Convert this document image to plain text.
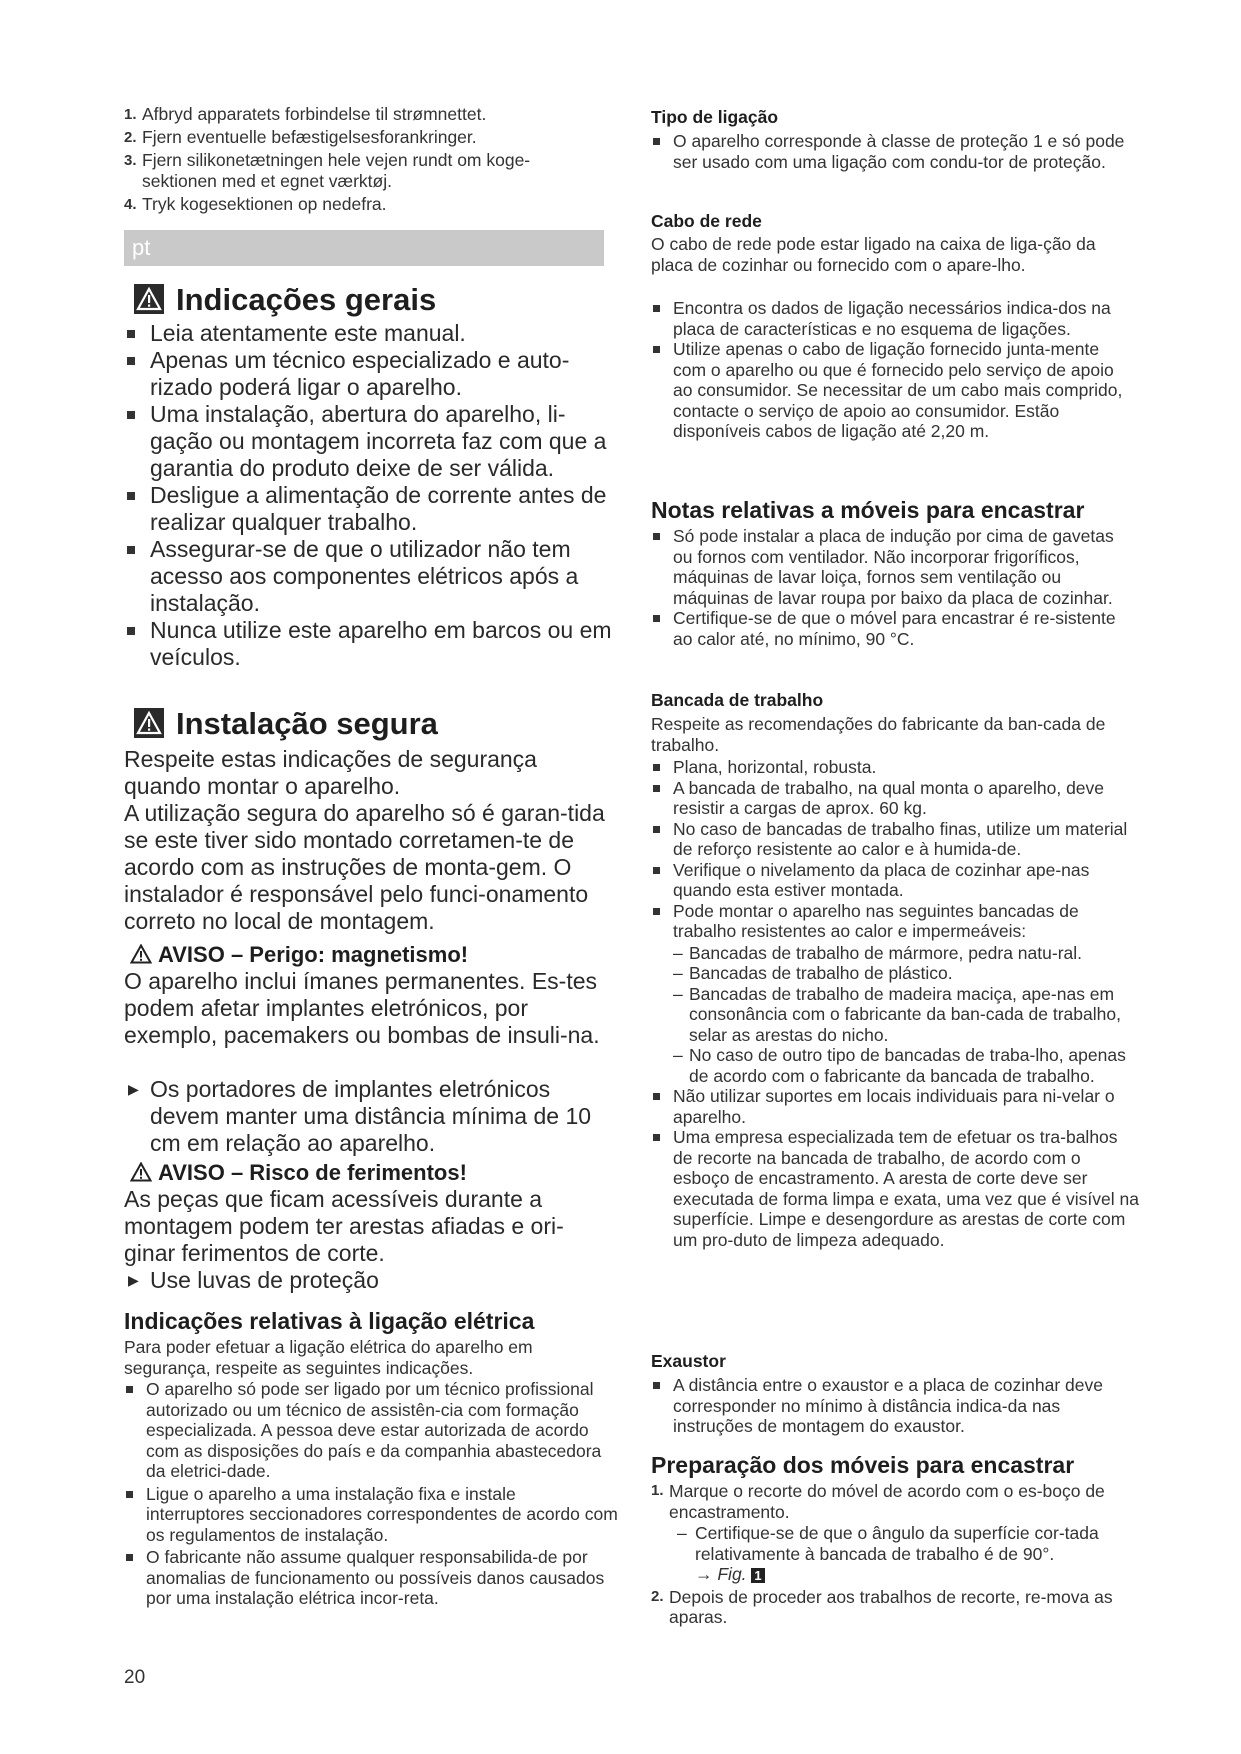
1. Afbryd apparatets forbindelse til strømnettet.
2. Fjern eventuelle befæstigelsesforankringer.
3. Fjern silikonetætningen hele vejen rundt om koge-sektionen med et egnet værktøj.
4. Tryk kogesektionen op nedefra.
pt
Indicações gerais
Leia atentamente este manual.
Apenas um técnico especializado e auto-rizado poderá ligar o aparelho.
Uma instalação, abertura do aparelho, li-gação ou montagem incorreta faz com que a garantia do produto deixe de ser válida.
Desligue a alimentação de corrente antes de realizar qualquer trabalho.
Assegurar-se de que o utilizador não tem acesso aos componentes elétricos após a instalação.
Nunca utilize este aparelho em barcos ou em veículos.
Instalação segura

Respeite estas indicações de segurança quando montar o aparelho.

A utilização segura do aparelho só é garan-tida se este tiver sido montado corretamen-te de acordo com as instruções de monta-gem. O instalador é responsável pelo funci-onamento correto no local de montagem.

AVISO – Perigo: magnetismo!

O aparelho inclui ímanes permanentes. Es-tes podem afetar implantes eletrónicos, por exemplo, pacemakers ou bombas de insuli-na.

▶ Os portadores de implantes eletrónicos devem manter uma distância mínima de 10 cm em relação ao aparelho.
AVISO – Risco de ferimentos!

As peças que ficam acessíveis durante a montagem podem ter arestas afiadas e ori-ginar ferimentos de corte.

▶ Use luvas de proteção
Indicações relativas à ligação elétrica

Para poder efetuar a ligação elétrica do aparelho em segurança, respeite as seguintes indicações.

O aparelho só pode ser ligado por um técnico profissional autorizado ou um técnico de assistên-cia com formação especializada. A pessoa deve estar autorizada de acordo com as disposições do país e da companhia abastecedora da eletrici-dade.
Ligue o aparelho a uma instalação fixa e instale interruptores seccionadores correspondentes de acordo com os regulamentos de instalação.
O fabricante não assume qualquer responsabilida-de por anomalias de funcionamento ou possíveis danos causados por uma instalação elétrica incor-reta.
20
Tipo de ligação
O aparelho corresponde à classe de proteção 1 e só pode ser usado com uma ligação com condu-tor de proteção.
Cabo de rede

O cabo de rede pode estar ligado na caixa de liga-ção da placa de cozinhar ou fornecido com o apare-lho.

Encontra os dados de ligação necessários indica-dos na placa de características e no esquema de ligações.
Utilize apenas o cabo de ligação fornecido junta-mente com o aparelho ou que é fornecido pelo serviço de apoio ao consumidor. Se necessitar de um cabo mais comprido, contacte o serviço de apoio ao consumidor. Estão disponíveis cabos de ligação até 2,20 m.
Notas relativas a móveis para encastrar
Só pode instalar a placa de indução por cima de gavetas ou fornos com ventilador. Não incorporar frigoríficos, máquinas de lavar loiça, fornos sem ventilação ou máquinas de lavar roupa por baixo da placa de cozinhar.
Certifique-se de que o móvel para encastrar é re-sistente ao calor até, no mínimo, 90 °C.
Bancada de trabalho

Respeite as recomendações do fabricante da ban-cada de trabalho.

Plana, horizontal, robusta.
A bancada de trabalho, na qual monta o aparelho, deve resistir a cargas de aprox. 60 kg.
No caso de bancadas de trabalho finas, utilize um material de reforço resistente ao calor e à humida-de.
Verifique o nivelamento da placa de cozinhar ape-nas quando esta estiver montada.
Pode montar o aparelho nas seguintes bancadas de trabalho resistentes ao calor e impermeáveis:
– Bancadas de trabalho de mármore, pedra natu-ral.
– Bancadas de trabalho de plástico.
– Bancadas de trabalho de madeira maciça, ape-nas em consonância com o fabricante da ban-cada de trabalho, selar as arestas do nicho.
– No caso de outro tipo de bancadas de traba-lho, apenas de acordo com o fabricante da bancada de trabalho.
Não utilizar suportes em locais individuais para ni-velar o aparelho.
Uma empresa especializada tem de efetuar os tra-balhos de recorte na bancada de trabalho, de acordo com o esboço de encastramento. A aresta de corte deve ser executada de forma limpa e exata, uma vez que é visível na superfície. Limpe e desengordure as arestas de corte com um pro-duto de limpeza adequado.
Exaustor
A distância entre o exaustor e a placa de cozinhar deve corresponder no mínimo à distância indica-da nas instruções de montagem do exaustor.
Preparação dos móveis para encastrar
1. Marque o recorte do móvel de acordo com o es-boço de encastramento.
– Certifique-se de que o ângulo da superfície cor-tada relativamente à bancada de trabalho é de 90°.
→ Fig. 1
2. Depois de proceder aos trabalhos de recorte, re-mova as aparas.
